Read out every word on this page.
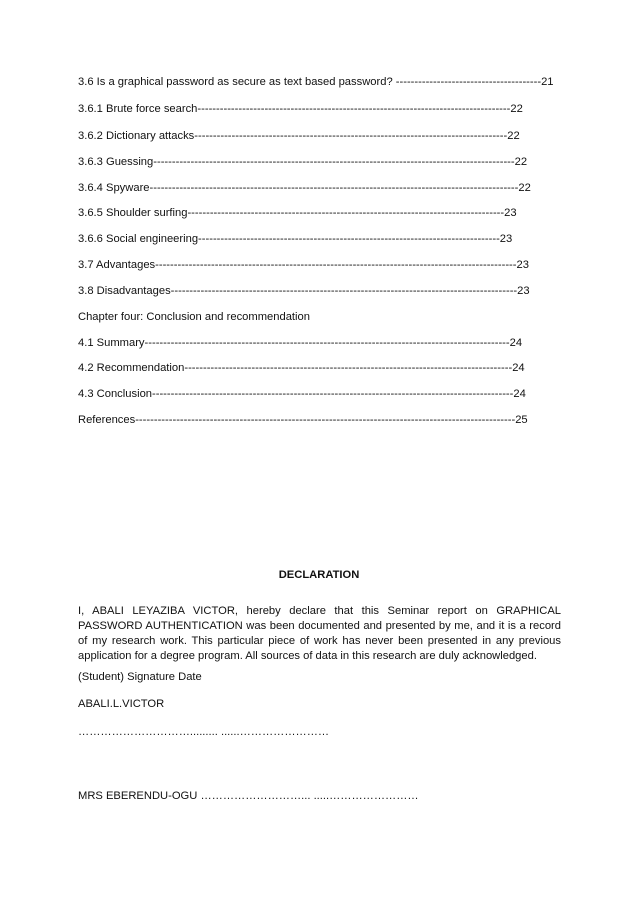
3.6 Is a graphical password as secure as text based password? ---------------------------------------21
3.6.1 Brute force search------------------------------------------------------------------------------------22
3.6.2 Dictionary attacks------------------------------------------------------------------------------------22
3.6.3 Guessing-------------------------------------------------------------------------------------------------22
3.6.4 Spyware---------------------------------------------------------------------------------------------------22
3.6.5 Shoulder surfing-------------------------------------------------------------------------------------23
3.6.6 Social engineering---------------------------------------------------------------------------------23
3.7 Advantages-------------------------------------------------------------------------------------------------23
3.8 Disadvantages---------------------------------------------------------------------------------------------23
Chapter four: Conclusion and recommendation
4.1 Summary--------------------------------------------------------------------------------------------------24
4.2 Recommendation----------------------------------------------------------------------------------------24
4.3 Conclusion-------------------------------------------------------------------------------------------------24
References------------------------------------------------------------------------------------------------------25
DECLARATION
I, ABALI LEYAZIBA VICTOR, hereby declare that this Seminar report on GRAPHICAL PASSWORD AUTHENTICATION was been documented and presented by me, and it is a record of my research work. This particular piece of work has never been presented in any previous application for a degree program. All sources of data in this research are duly acknowledged.
(Student) Signature Date
ABALI.L.VICTOR
…………………………......... ......……………………
MRS EBERENDU-OGU ………………………... .....……………………
